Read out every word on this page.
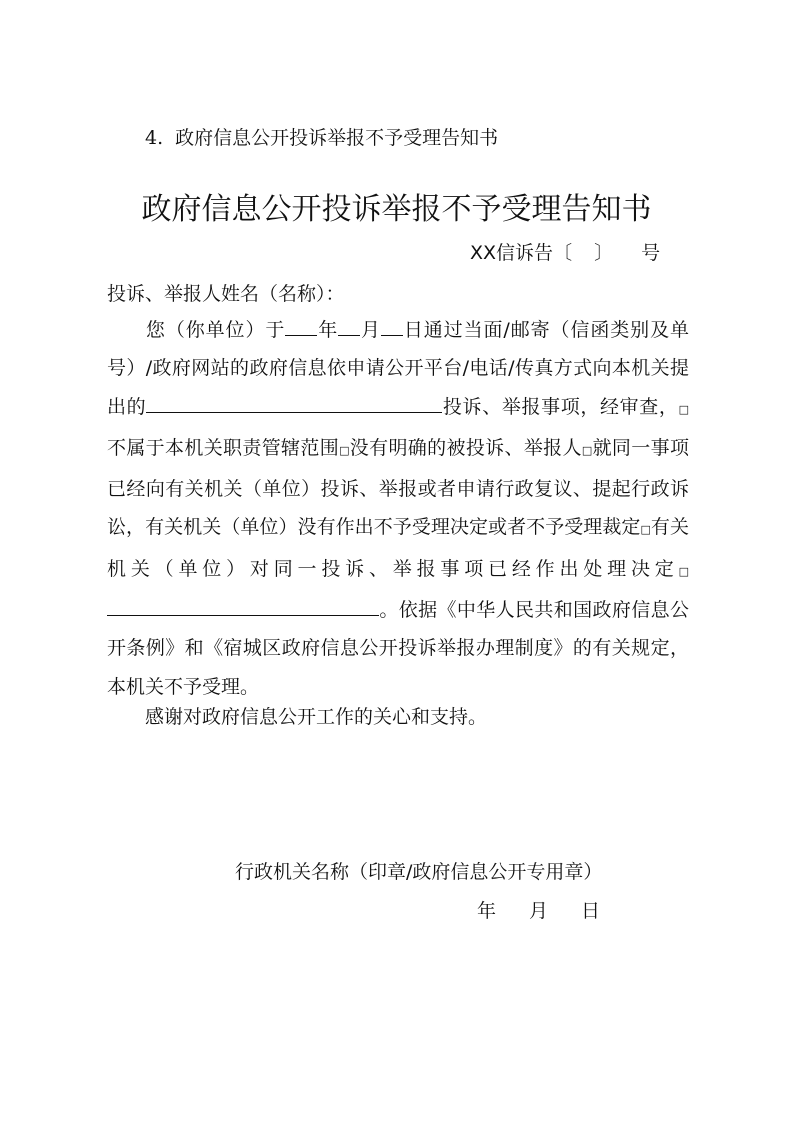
4. 政府信息公开投诉举报不予受理告知书
政府信息公开投诉举报不予受理告知书
XX信诉告〔 〕 号
投诉、举报人姓名（名称）：
您（你单位）于 年 月 日通过当面/邮寄（信函类别及单号）/政府网站的政府信息依申请公开平台/电话/传真方式向本机关提出的	投诉、举报事项，经审查，□不属于本机关职责管辖范围□没有明确的被投诉、举报人□就同一事项已经向有关机关（单位）投诉、举报或者申请行政复议、提起行政诉讼，有关机关（单位）没有作出不予受理决定或者不予受理裁定□有关机关（单位）对同一投诉、举报事项已经作出处理决定□。依据《中华人民共和国政府信息公开条例》和《宿城区政府信息公开投诉举报办理制度》的有关规定，本机关不予受理。
感谢对政府信息公开工作的关心和支持。
行政机关名称（印章/政府信息公开专用章）
年 月 日
